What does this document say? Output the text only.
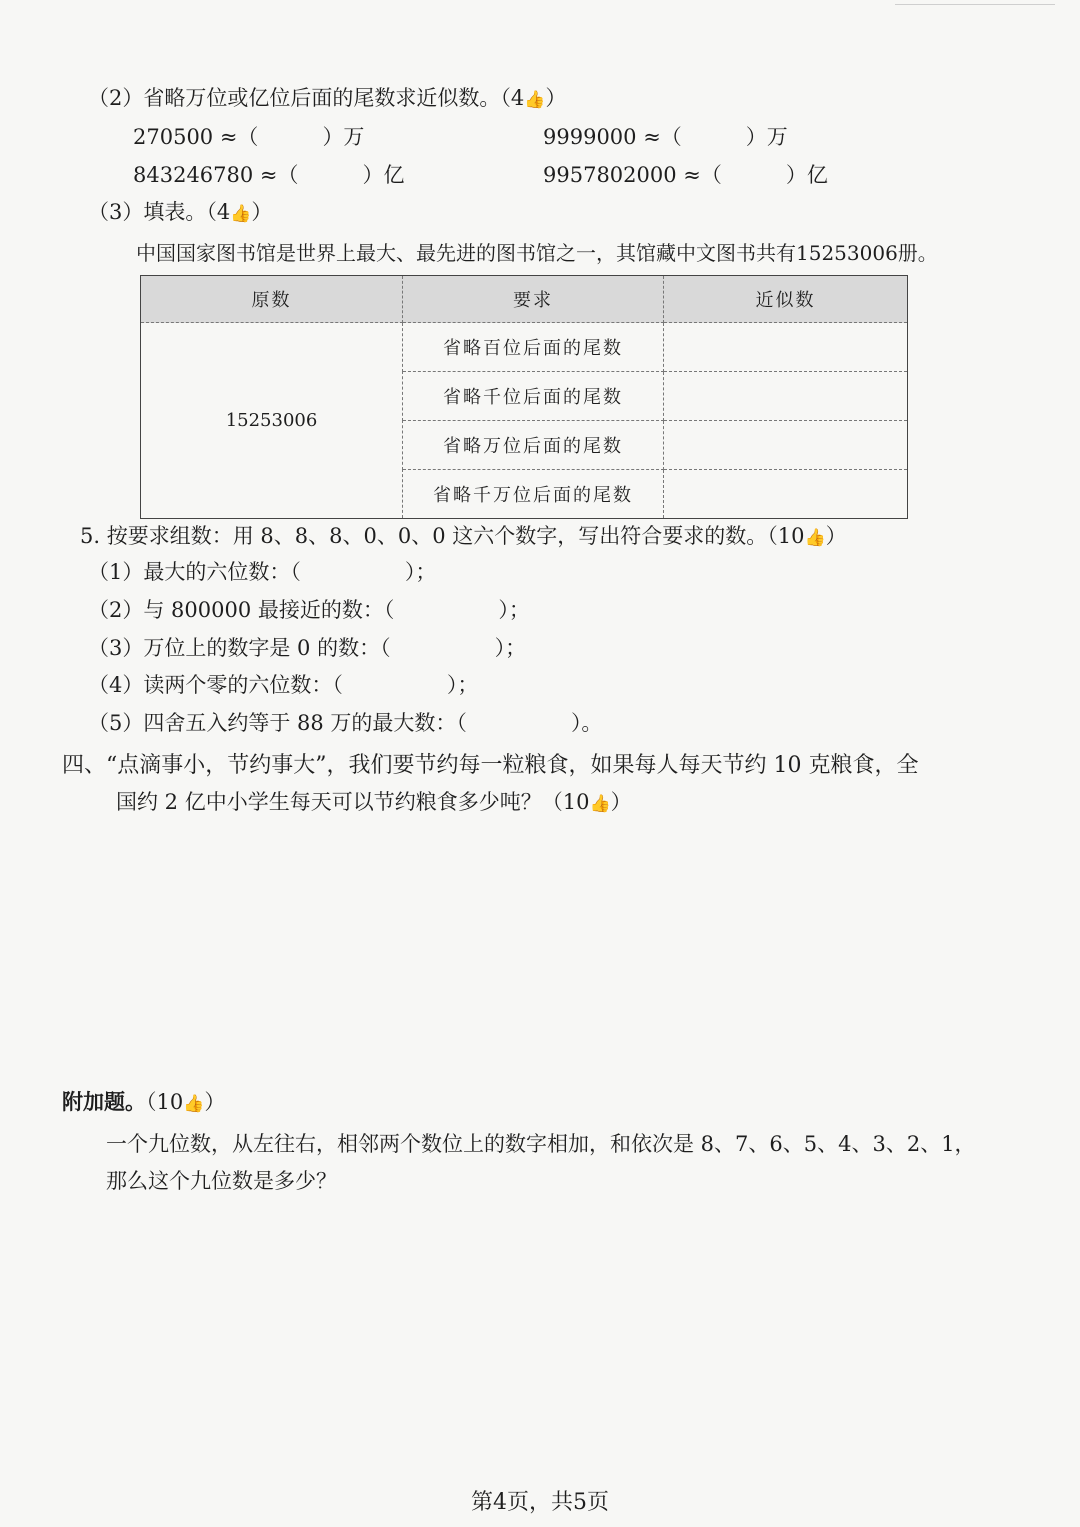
（2）省略万位或亿位后面的尾数求近似数。（4👍）
270500 ≈（	）万	9999000 ≈（	）万
843246780 ≈（	）亿	9957802000 ≈（	）亿
（3）填表。（4👍）
中国国家图书馆是世界上最大、最先进的图书馆之一，其馆藏中文图书共有15253006册。
原数	要求	近似数
15253006	省略百位后面的尾数	
	省略千位后面的尾数	
	省略万位后面的尾数	
	省略千万位后面的尾数	
5. 按要求组数：用 8、8、8、0、0、0 这六个数字，写出符合要求的数。（10👍）
（1）最大的六位数：（	）；
（2）与 800000 最接近的数：（	）；
（3）万位上的数字是 0 的数：（	）；
（4）读两个零的六位数：（	）；
（5）四舍五入约等于 88 万的最大数：（	）。
四、“点滴事小，节约事大”，我们要节约每一粒粮食，如果每人每天节约 10 克粮食，全
国约 2 亿中小学生每天可以节约粮食多少吨？（10👍）
附加题。（10👍）
一个九位数，从左往右，相邻两个数位上的数字相加，和依次是 8、7、6、5、4、3、2、1，
那么这个九位数是多少？
第4页，共5页
